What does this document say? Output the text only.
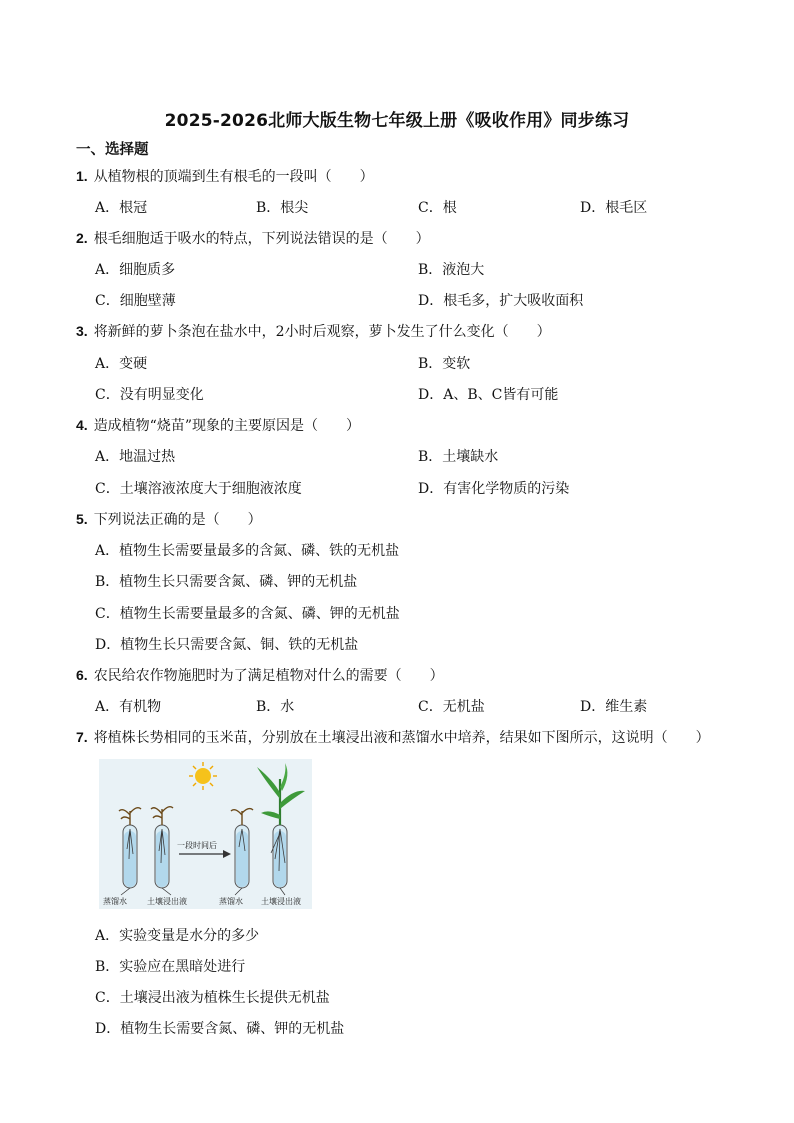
2025-2026北师大版生物七年级上册《吸收作用》同步练习
一、选择题
1. 从植物根的顶端到生有根毛的一段叫（　　）
A．根冠	B．根尖	C．根	D．根毛区
2. 根毛细胞适于吸水的特点，下列说法错误的是（　　）
A．细胞质多	B．液泡大
C．细胞壁薄	D．根毛多，扩大吸收面积
3. 将新鲜的萝卜条泡在盐水中，2小时后观察，萝卜发生了什么变化（　　）
A．变硬	B．变软
C．没有明显变化	D．A、B、C皆有可能
4. 造成植物“烧苗”现象的主要原因是（　　）
A．地温过热	B．土壤缺水
C．土壤溶液浓度大于细胞液浓度	D．有害化学物质的污染
5. 下列说法正确的是（　　）
A．植物生长需要量最多的含氮、磷、铁的无机盐
B．植物生长只需要含氮、磷、钾的无机盐
C．植物生长需要量最多的含氮、磷、钾的无机盐
D．植物生长只需要含氮、铜、铁的无机盐
6. 农民给农作物施肥时为了满足植物对什么的需要（　　）
A．有机物	B．水	C．无机盐	D．维生素
7. 将植株长势相同的玉米苗，分别放在土壤浸出液和蒸馏水中培养，结果如下图所示，这说明（　　）
一段时间后
蒸馏水	土壤浸出液	蒸馏水 土壤浸出液
A．实验变量是水分的多少
B．实验应在黑暗处进行
C．土壤浸出液为植株生长提供无机盐
D．植物生长需要含氮、磷、钾的无机盐
